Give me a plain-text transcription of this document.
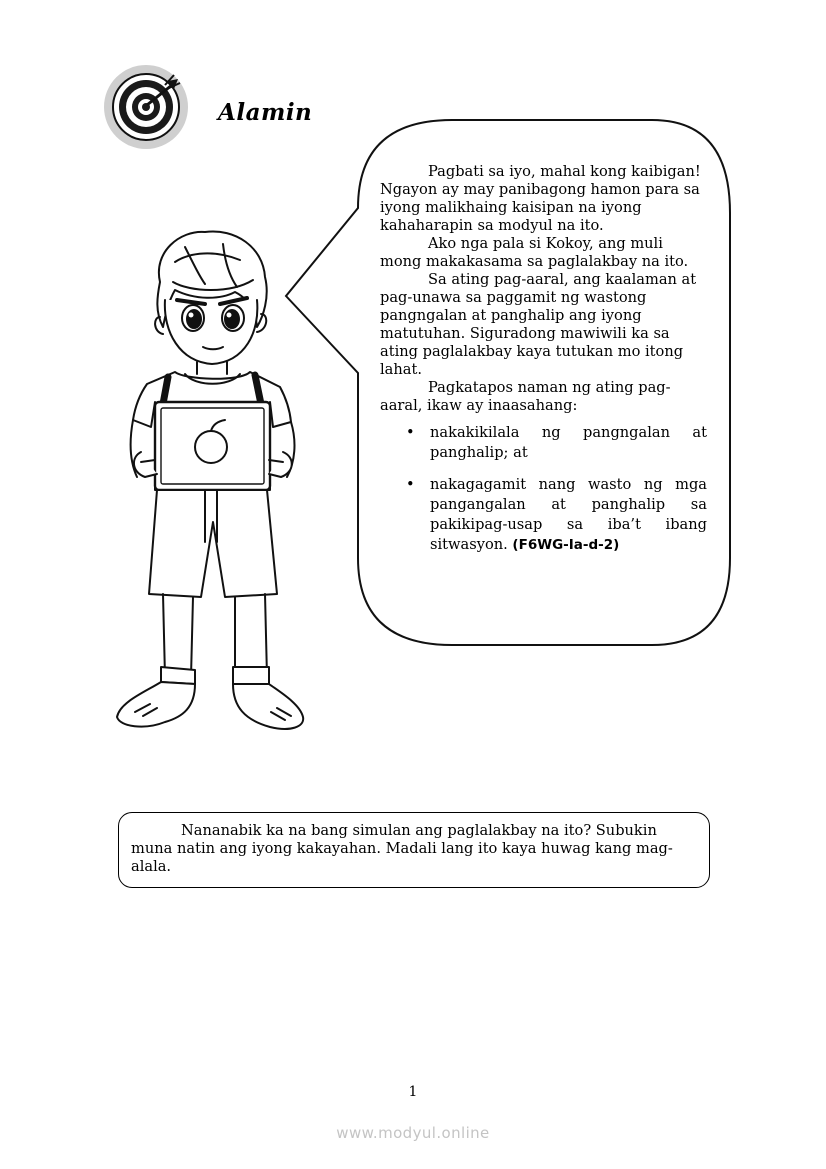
Alamin

Pagbati sa iyo, mahal kong kaibigan! Ngayon ay may panibagong hamon para sa iyong malikhaing kaisipan na iyong kahaharapin sa modyul na ito.

Ako nga pala si Kokoy, ang muli mong makakasama sa paglalakbay na ito.

Sa ating pag-aaral, ang kaalaman at pag-unawa sa paggamit ng wastong pangngalan at panghalip ang iyong matutuhan. Siguradong mawiwili ka sa ating paglalakbay kaya tutukan mo itong lahat.

Pagkatapos naman ng ating pag-aaral, ikaw ay inaasahang:

• nakakikilala ng pangngalan at panghalip; at
• nakagagamit nang wasto ng mga pangangalan at panghalip sa pakikipag-usap sa iba’t ibang sitwasyon. (F6WG-Ia-d-2)

Nananabik ka na bang simulan ang paglalakbay na ito? Subukin muna natin ang iyong kakayahan. Madali lang ito kaya huwag kang mag-alala.

1
www.modyul.online
